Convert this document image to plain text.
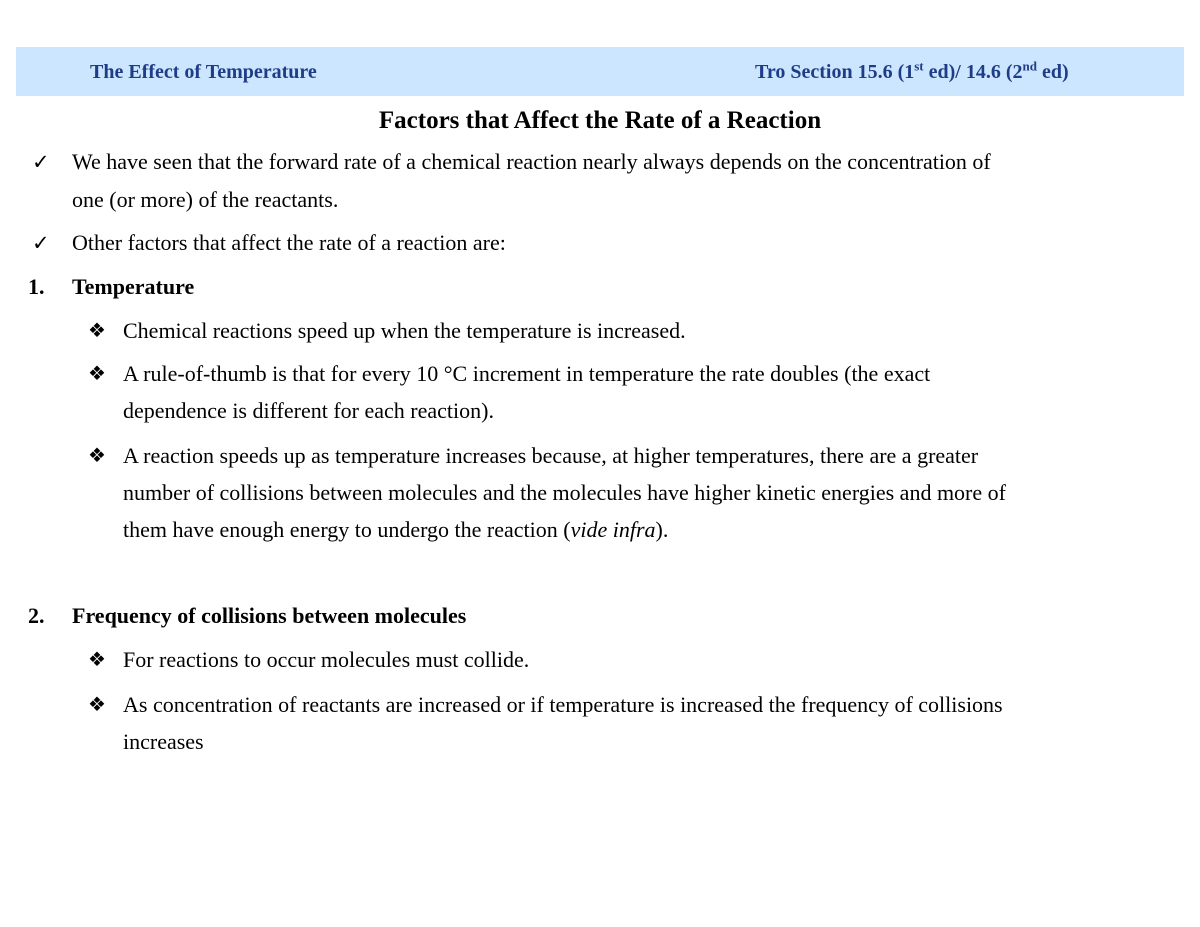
The Effect of Temperature	Tro Section 15.6 (1st ed)/ 14.6 (2nd ed)
Factors that Affect the Rate of a Reaction
✓ We have seen that the forward rate of a chemical reaction nearly always depends on the concentration of
one (or more) of the reactants.
✓ Other factors that affect the rate of a reaction are:
1. Temperature
❖ Chemical reactions speed up when the temperature is increased.
❖ A rule-of-thumb is that for every 10 °C increment in temperature the rate doubles (the exact
dependence is different for each reaction).
❖ A reaction speeds up as temperature increases because, at higher temperatures, there are a greater
number of collisions between molecules and the molecules have higher kinetic energies and more of
them have enough energy to undergo the reaction (vide infra).
2. Frequency of collisions between molecules
❖ For reactions to occur molecules must collide.
❖ As concentration of reactants are increased or if temperature is increased the frequency of collisions
increases
